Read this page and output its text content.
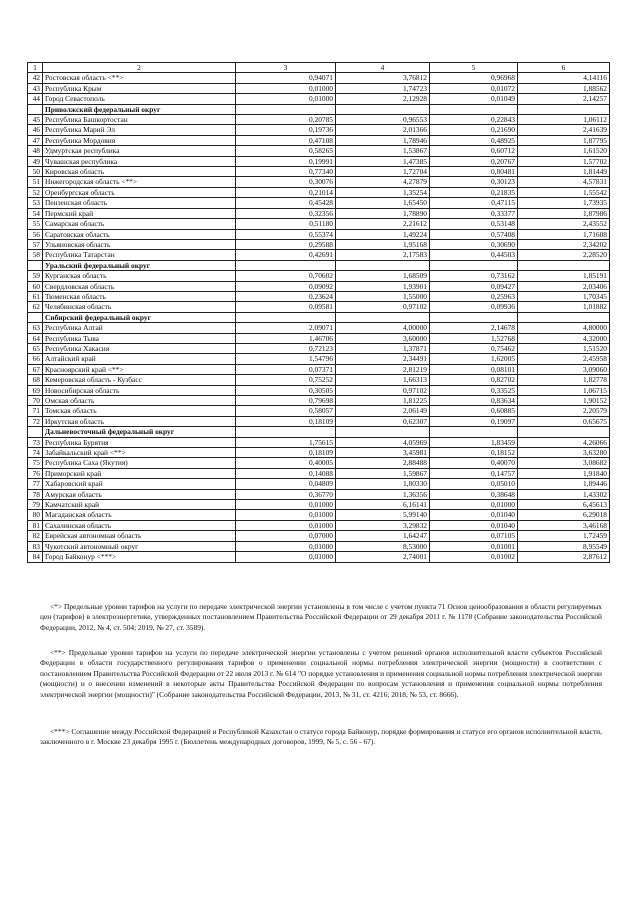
1	2	3	4	5	6
42	Ростовская область <**>	0,94071	3,76812	0,96968	4,14116
43	Республика Крым	0,01000	1,74723	0,01072	1,88562
44	Город Севастополь	0,01000	2,12928	0,01049	2,14257
	Приволжский федеральный округ				
45	Республика Башкортостан	0,20785	0,96553	0,22843	1,06112
46	Республика Марий Эл	0,19736	2,01366	0,21690	2,41639
47	Республика Мордовия	0,47108	1,78946	0,48925	1,87795
48	Удмуртская республика	0,58265	1,53867	0,60712	1,61520
49	Чувашская республика	0,19991	1,47385	0,20767	1,57702
50	Кировская область	0,77340	1,72704	0,80481	1,81449
51	Нижегородская область <**>	0,30076	4,27879	0,30123	4,57831
52	Оренбургская область	0,21014	1,35254	0,21835	1,55542
53	Пензенская область	0,45428	1,65450	0,47115	1,73935
54	Пермский край	0,32356	1,78890	0,33377	1,87986
55	Самарская область	0,51180	2,21612	0,53148	2,43552
56	Саратовская область	0,55374	1,49224	0,57408	1,71608
57	Ульяновская область	0,29588	1,95168	0,30690	2,34202
58	Республика Татарстан	0,42691	2,17583	0,44503	2,28520
	Уральский федеральный округ				
59	Курганская область	0,70602	1,68509	0,73162	1,85191
60	Свердловская область	0,09092	1,93901	0,09427	2,03406
61	Тюменская область	0,23624	1,55000	0,25963	1,70345
62	Челябинская область	0,09581	0,97102	0,09936	1,01882
	Сибирский федеральный округ				
63	Республика Алтай	2,09071	4,00000	2,14678	4,80000
64	Республика Тыва	1,46706	3,60000	1,52768	4,32000
65	Республика Хакасия	0,72123	1,37871	0,75462	1,51520
66	Алтайский край	1,54796	2,34491	1,62005	2,45958
67	Красноярский край <**>	0,07371	2,81219	0,08101	3,09060
68	Кемеровская область - Кузбасс	0,75252	1,66313	0,82702	1,82778
69	Новосибирская область	0,30505	0,97102	0,33525	1,06715
70	Омская область	0,79698	1,81225	0,83634	1,90152
71	Томская область	0,58057	2,06149	0,60885	2,20579
72	Иркутская область	0,18109	0,62307	0,19097	0,65675
	Дальневосточный федеральный округ				
73	Республика Бурятия	1,75615	4,05969	1,83459	4,26066
74	Забайкальский край <**>	0,18109	3,45981	0,18152	3,63280
75	Республика Саха (Якутия)	0,40005	2,88488	0,40070	3,08682
76	Приморский край	0,14088	1,59867	0,14757	1,91840
77	Хабаровский край	0,04809	1,80330	0,05010	1,89446
78	Амурская область	0,36770	1,36356	0,38648	1,43302
79	Камчатский край	0,01000	6,16141	0,01000	6,45613
80	Магаданская область	0,01000	5,99140	0,01040	6,29018
81	Сахалинская область	0,01000	3,29832	0,01040	3,46168
82	Еврейская автономная область	0,07000	1,64247	0,07105	1,72459
83	Чукотский автономный округ	0,01000	8,53000	0,01001	8,95549
84	Город Байконур <***>	0,01000	2,74001	0,01002	2,87612

<*> Предельные уровни тарифов на услуги по передаче электрической энергии установлены в том числе с учетом пункта 71 Основ ценообразования в области регулируемых цен (тарифов) в электроэнергетике, утвержденных постановлением Правительства Российской Федерации от 29 декабря 2011 г. № 1178 (Собрание законодательства Российской Федерации, 2012, № 4, ст. 504; 2019, № 27, ст. 3589).

<**> Предельные уровни тарифов на услуги по передаче электрической энергии установлены с учетом решений органов исполнительной власти субъектов Российской Федерации в области государственного регулирования тарифов о применении социальной нормы потребления электрической энергии (мощности) в соответствии с постановлением Правительства Российской Федерации от 22 июля 2013 г. № 614 "О порядке установления и применения социальной нормы потребления электрической энергии (мощности) и о внесении изменений в некоторые акты Правительства Российской Федерации по вопросам установления и применения социальной нормы потребления электрической энергии (мощности)" (Собрание законодательства Российской Федерации, 2013, № 31, ст. 4216; 2018, № 53, ст. 8666).

<***> Соглашение между Российской Федерацией и Республикой Казахстан о статусе города Байконур, порядке формирования и статусе его органов исполнительной власти, заключенного в г. Москве 23 декабря 1995 г. (Бюллетень международных договоров, 1999, № 5, с. 56 - 67).
